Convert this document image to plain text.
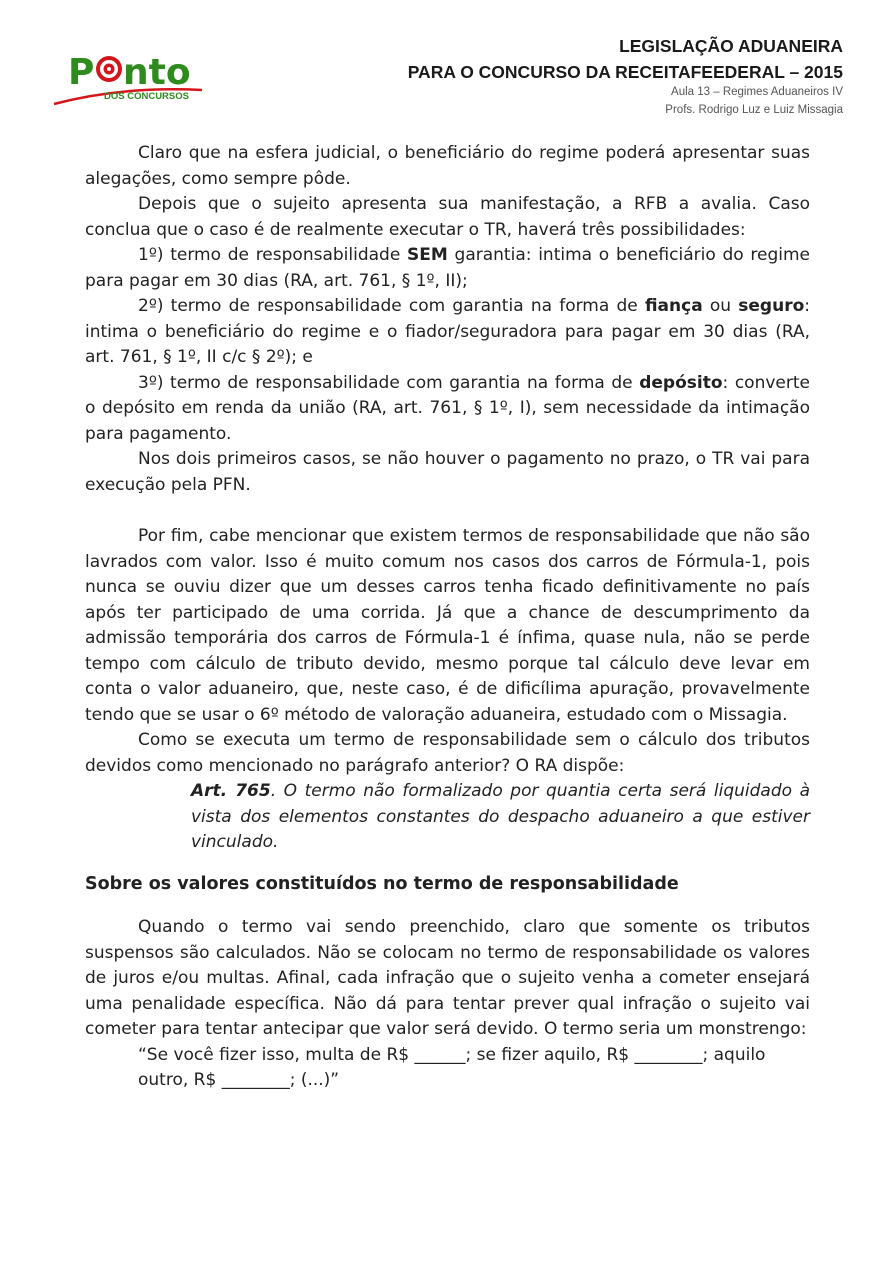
P nto
DOS CONCURSOS
LEGISLAÇÃO ADUANEIRA
PARA O CONCURSO DA RECEITAFEEDERAL – 2015
Aula 13 – Regimes Aduaneiros IV
Profs. Rodrigo Luz e Luiz Missagia

Claro que na esfera judicial, o beneficiário do regime poderá apresentar suas alegações, como sempre pôde.

Depois que o sujeito apresenta sua manifestação, a RFB a avalia. Caso conclua que o caso é de realmente executar o TR, haverá três possibilidades:

1º) termo de responsabilidade SEM garantia: intima o beneficiário do regime para pagar em 30 dias (RA, art. 761, § 1º, II);

2º) termo de responsabilidade com garantia na forma de fiança ou seguro: intima o beneficiário do regime e o fiador/seguradora para pagar em 30 dias (RA, art. 761, § 1º, II c/c § 2º); e

3º) termo de responsabilidade com garantia na forma de depósito: converte o depósito em renda da união (RA, art. 761, § 1º, I), sem necessidade da intimação para pagamento.

Nos dois primeiros casos, se não houver o pagamento no prazo, o TR vai para execução pela PFN.

Por fim, cabe mencionar que existem termos de responsabilidade que não são lavrados com valor. Isso é muito comum nos casos dos carros de Fórmula-1, pois nunca se ouviu dizer que um desses carros tenha ficado definitivamente no país após ter participado de uma corrida. Já que a chance de descumprimento da admissão temporária dos carros de Fórmula-1 é ínfima, quase nula, não se perde tempo com cálculo de tributo devido, mesmo porque tal cálculo deve levar em conta o valor aduaneiro, que, neste caso, é de dificílima apuração, provavelmente tendo que se usar o 6º método de valoração aduaneira, estudado com o Missagia.

Como se executa um termo de responsabilidade sem o cálculo dos tributos devidos como mencionado no parágrafo anterior? O RA dispõe:

Art. 765. O termo não formalizado por quantia certa será liquidado à vista dos elementos constantes do despacho aduaneiro a que estiver vinculado.

Sobre os valores constituídos no termo de responsabilidade

Quando o termo vai sendo preenchido, claro que somente os tributos suspensos são calculados. Não se colocam no termo de responsabilidade os valores de juros e/ou multas. Afinal, cada infração que o sujeito venha a cometer ensejará uma penalidade específica. Não dá para tentar prever qual infração o sujeito vai cometer para tentar antecipar que valor será devido. O termo seria um monstrengo:

“Se você fizer isso, multa de R$ ______; se fizer aquilo, R$ ________; aquilo outro, R$ ________; (...)”
